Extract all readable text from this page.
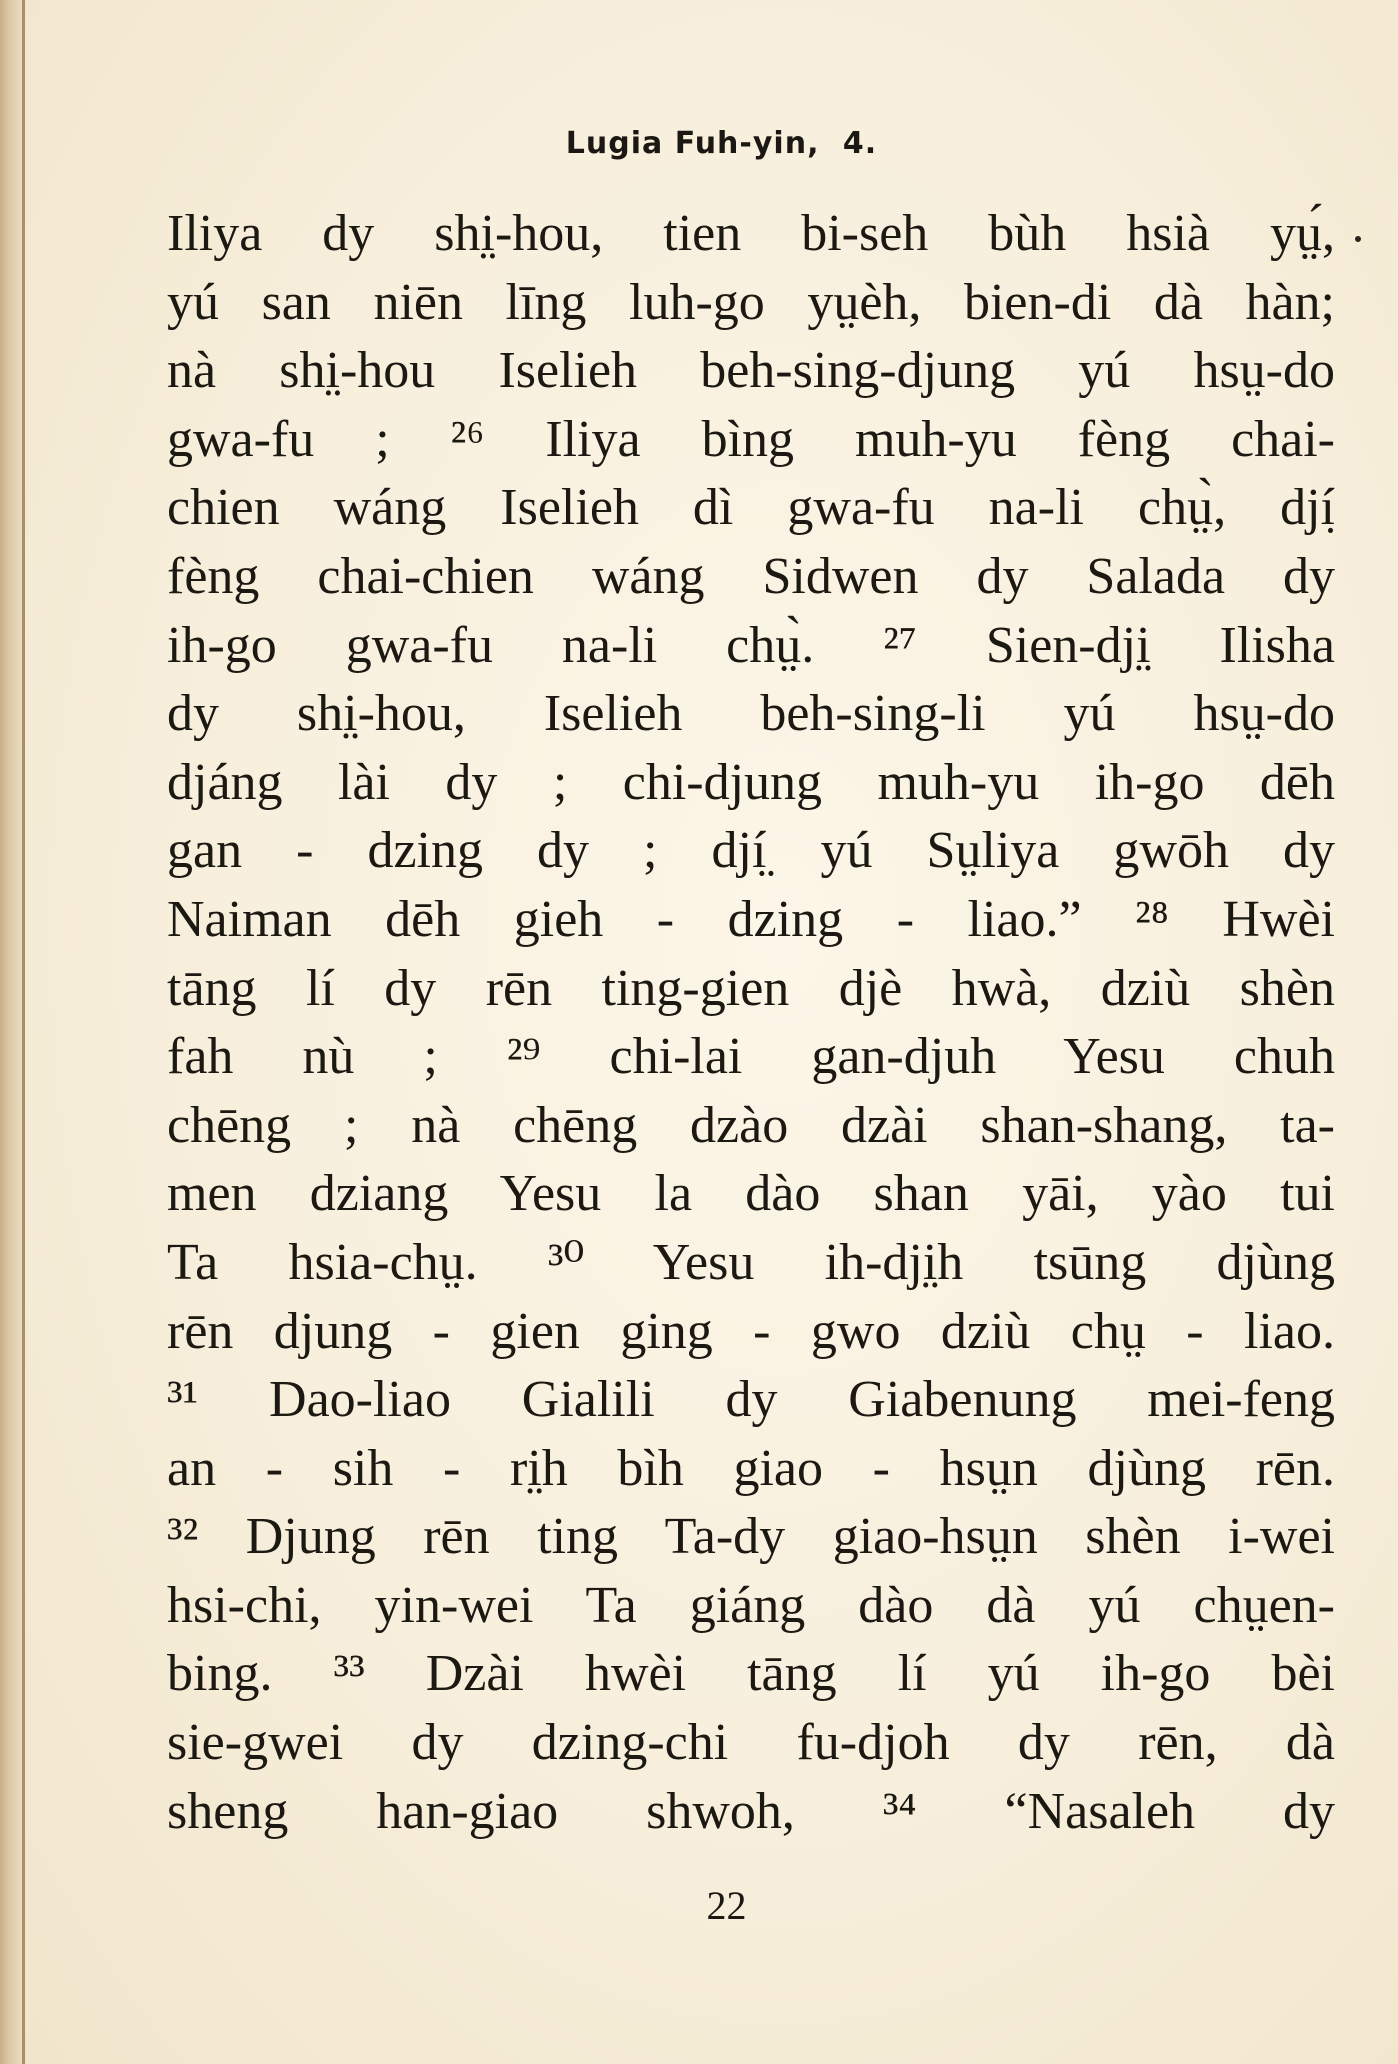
Lugia Fuh-yin, 4.
Iliya dy shi̤-hou, tien bi-seh bùh hsià yṳ́,
yú san niēn līng luh-go yṳèh, bien-di dà hàn;
nà shi̤-hou Iselieh beh-sing-djung yú hsṳ-do
gwa-fu ; ²⁶ Iliya bìng muh-yu fèng chai-
chien wáng Iselieh dì gwa-fu na-li chṳ̀, djí̤
fèng chai-chien wáng Sidwen dy Salada dy
ih-go gwa-fu na-li chṳ̀. ²⁷ Sien-dji̤ Ilisha
dy shi̤-hou, Iselieh beh-sing-li yú hsṳ-do
djáng lài dy ; chi-djung muh-yu ih-go dēh
gan - dzing dy ; djí̤ yú Sṳliya gwōh dy
Naiman dēh gieh - dzing - liao.” ²⁸ Hwèi
tāng lí dy rēn ting-gien djè hwà, dziù shèn
fah nù ; ²⁹ chi-lai gan-djuh Yesu chuh
chēng ; nà chēng dzào dzài shan-shang, ta-
men dziang Yesu la dào shan yāi, yào tui
Ta hsia-chṳ. ³⁰ Yesu ih-dji̤h tsūng djùng
rēn djung - gien ging - gwo dziù chṳ - liao.
³¹ Dao-liao Gialili dy Giabenung mei-feng
an - sih - ri̤h bìh giao - hsṳn djùng rēn.
³² Djung rēn ting Ta-dy giao-hsṳn shèn i-wei
hsi-chi, yin-wei Ta giáng dào dà yú chṳen-
bing. ³³ Dzài hwèi tāng lí yú ih-go bèi
sie-gwei dy dzing-chi fu-djoh dy rēn, dà
sheng han-giao shwoh, ³⁴ “Nasaleh dy
22
